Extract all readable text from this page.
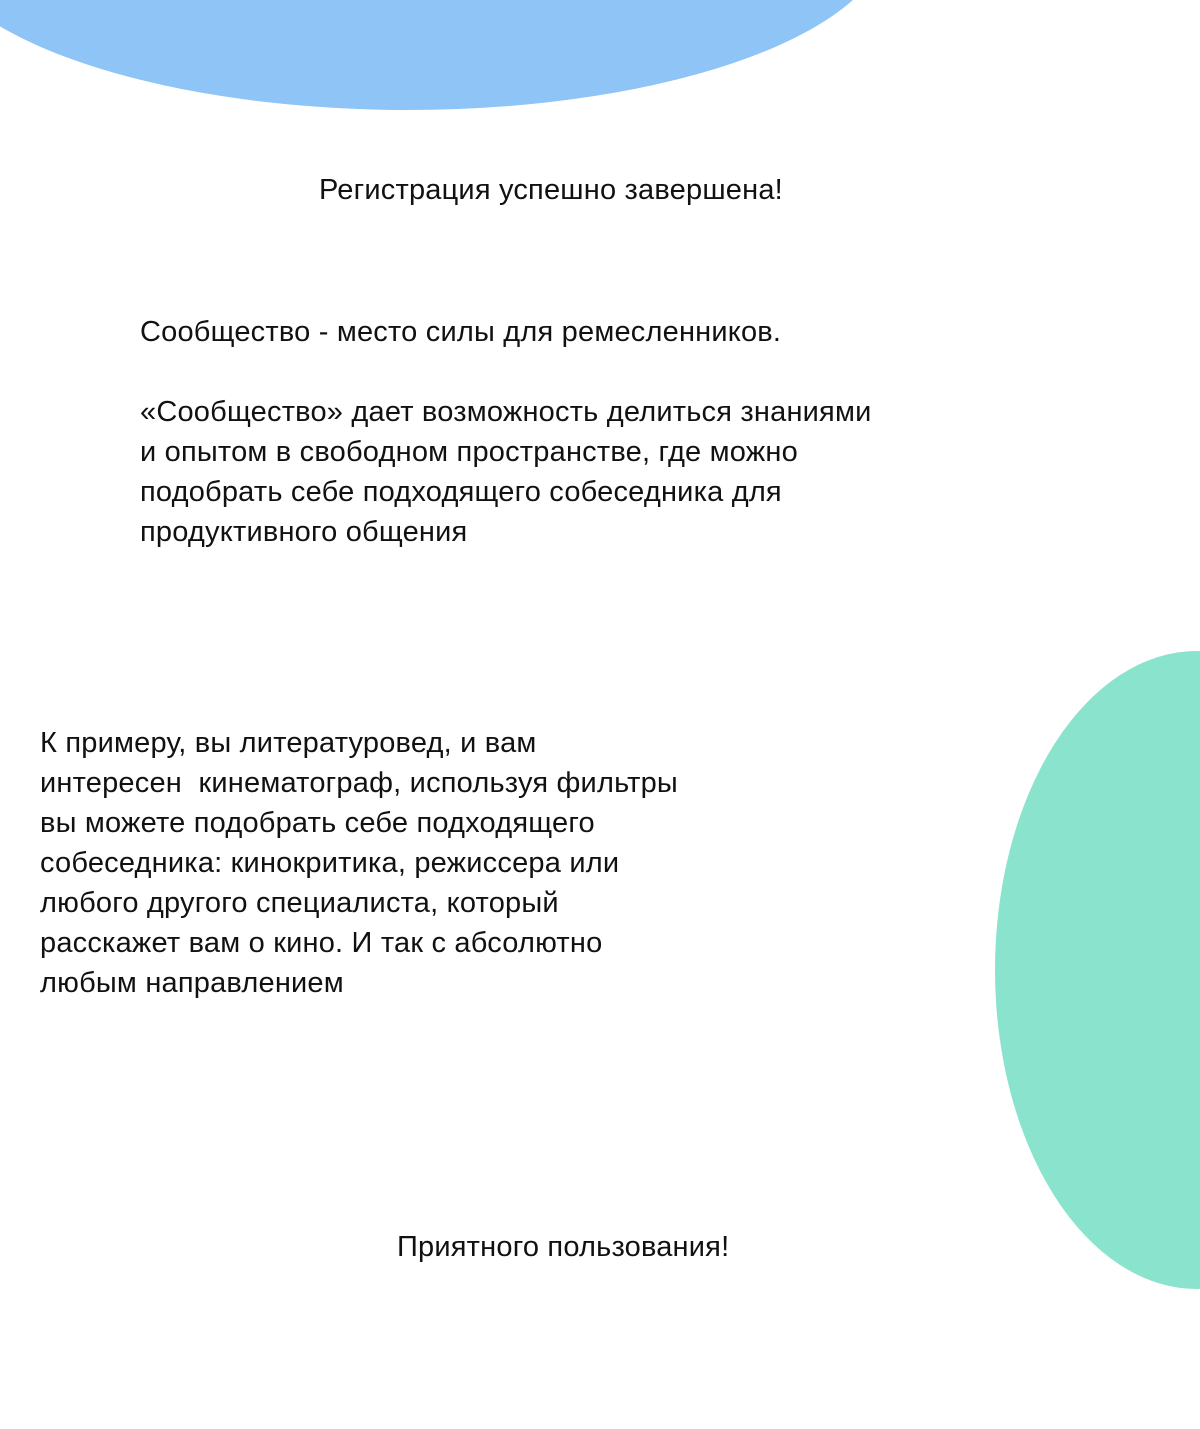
Регистрация успешно завершена!

Сообщество - место силы для ремесленников.

«Сообщество» дает возможность делиться знаниями
и опытом в свободном пространстве, где можно
подобрать себе подходящего собеседника для
продуктивного общения

К примеру, вы литературовед, и вам
интересен  кинематограф, используя фильтры
вы можете подобрать себе подходящего
собеседника: кинокритика, режиссера или
любого другого специалиста, который
расскажет вам о кино. И так с абсолютно
любым направлением

Приятного пользования!
